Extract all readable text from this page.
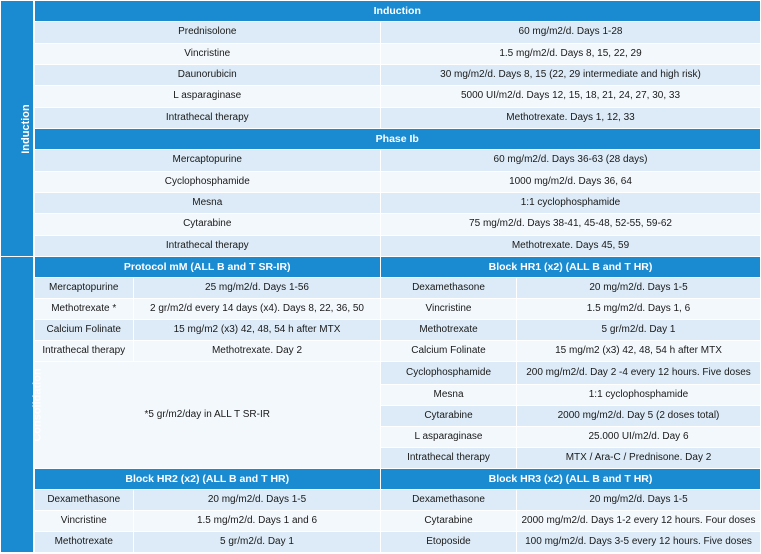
Induction	Induction			
	Prednisolone		60 mg/m2/d. Days 1-28	
	Vincristine		1.5 mg/m2/d. Days 8, 15, 22, 29	
	Daunorubicin		30 mg/m2/d. Days 8, 15 (22, 29 intermediate and high risk)	
	L asparaginase		5000 UI/m2/d. Days 12, 15, 18, 21, 24, 27, 30, 33	
	Intrathecal therapy		Methotrexate. Days 1, 12, 33	
	Phase Ib			
	Mercaptopurine		60 mg/m2/d. Days 36-63 (28 days)	
	Cyclophosphamide		1000 mg/m2/d. Days 36, 64	
	Mesna		1:1 cyclophosphamide	
	Cytarabine		75 mg/m2/d. Days 38-41, 45-48, 52-55, 59-62	
	Intrathecal therapy		Methotrexate. Days 45, 59	
Consolidation	Protocol mM (ALL B and T SR-IR)		Block HR1 (x2) (ALL B and T HR)	
	Mercaptopurine	25 mg/m2/d. Days 1-56	Dexamethasone	20 mg/m2/d. Days 1-5
	Methotrexate *	2 gr/m2/d every 14 days (x4). Days 8, 22, 36, 50	Vincristine	1.5 mg/m2/d. Days 1, 6
	Calcium Folinate	15 mg/m2 (x3) 42, 48, 54 h after MTX	Methotrexate	5 gr/m2/d. Day 1
	Intrathecal therapy	Methotrexate. Day 2	Calcium Folinate	15 mg/m2 (x3) 42, 48, 54 h after MTX
	*5 gr/m2/day in ALL T SR-IR		Cyclophosphamide	200 mg/m2/d. Day 2 -4 every 12 hours. Five doses
			Mesna	1:1 cyclophosphamide
			Cytarabine	2000 mg/m2/d. Day 5 (2 doses total)
			L asparaginase	25.000 UI/m2/d. Day 6
			Intrathecal therapy	MTX / Ara-C / Prednisone. Day 2
	Block HR2 (x2) (ALL B and T HR)		Block HR3 (x2) (ALL B and T HR)	
	Dexamethasone	20 mg/m2/d. Days 1-5	Dexamethasone	20 mg/m2/d. Days 1-5
	Vincristine	1.5 mg/m2/d. Days 1 and 6	Cytarabine	2000 mg/m2/d. Days 1-2 every 12 hours. Four doses
	Methotrexate	5 gr/m2/d. Day 1	Etoposide	100 mg/m2/d. Days 3-5 every 12 hours. Five doses
